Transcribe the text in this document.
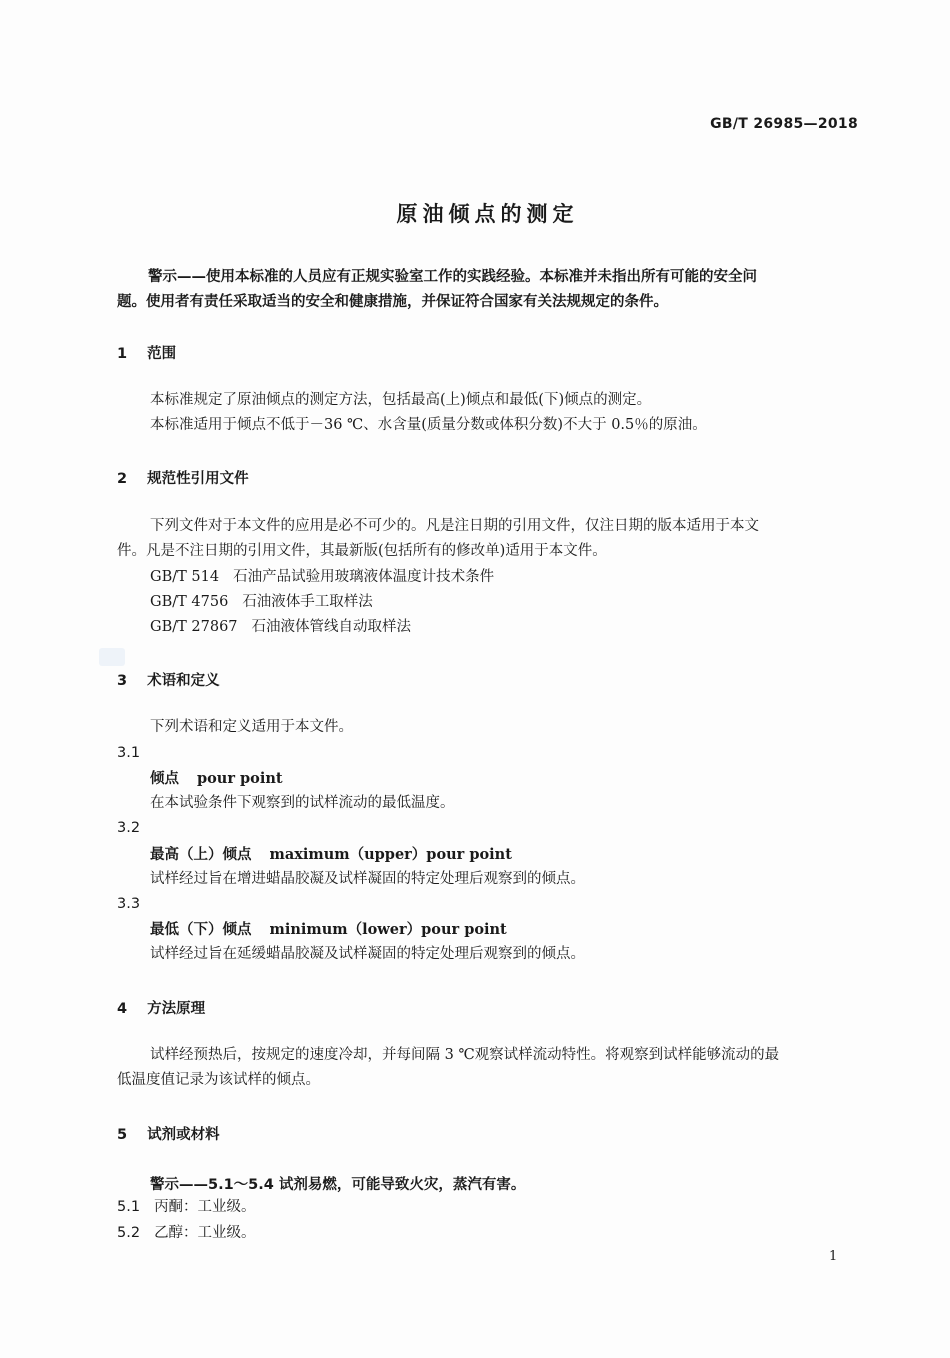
GB/T 26985—2018
原油倾点的测定
警示——使用本标准的人员应有正规实验室工作的实践经验。本标准并未指出所有可能的安全问
题。使用者有责任采取适当的安全和健康措施，并保证符合国家有关法规规定的条件。
1 范围
本标准规定了原油倾点的测定方法，包括最高(上)倾点和最低(下)倾点的测定。
本标准适用于倾点不低于－36 ℃、水含量(质量分数或体积分数)不大于 0.5％的原油。
2 规范性引用文件
下列文件对于本文件的应用是必不可少的。凡是注日期的引用文件，仅注日期的版本适用于本文
件。凡是不注日期的引用文件，其最新版(包括所有的修改单)适用于本文件。
GB/T 514 石油产品试验用玻璃液体温度计技术条件
GB/T 4756 石油液体手工取样法
GB/T 27867 石油液体管线自动取样法
3 术语和定义
下列术语和定义适用于本文件。
3.1
倾点 pour point
在本试验条件下观察到的试样流动的最低温度。
3.2
最高（上）倾点 maximum（upper）pour point
试样经过旨在增进蜡晶胶凝及试样凝固的特定处理后观察到的倾点。
3.3
最低（下）倾点 minimum（lower）pour point
试样经过旨在延缓蜡晶胶凝及试样凝固的特定处理后观察到的倾点。
4 方法原理
试样经预热后，按规定的速度冷却，并每间隔 3 ℃观察试样流动特性。将观察到试样能够流动的最
低温度值记录为该试样的倾点。
5 试剂或材料
警示——5.1～5.4 试剂易燃，可能导致火灾，蒸汽有害。
5.1 丙酮：工业级。
5.2 乙醇：工业级。
1
